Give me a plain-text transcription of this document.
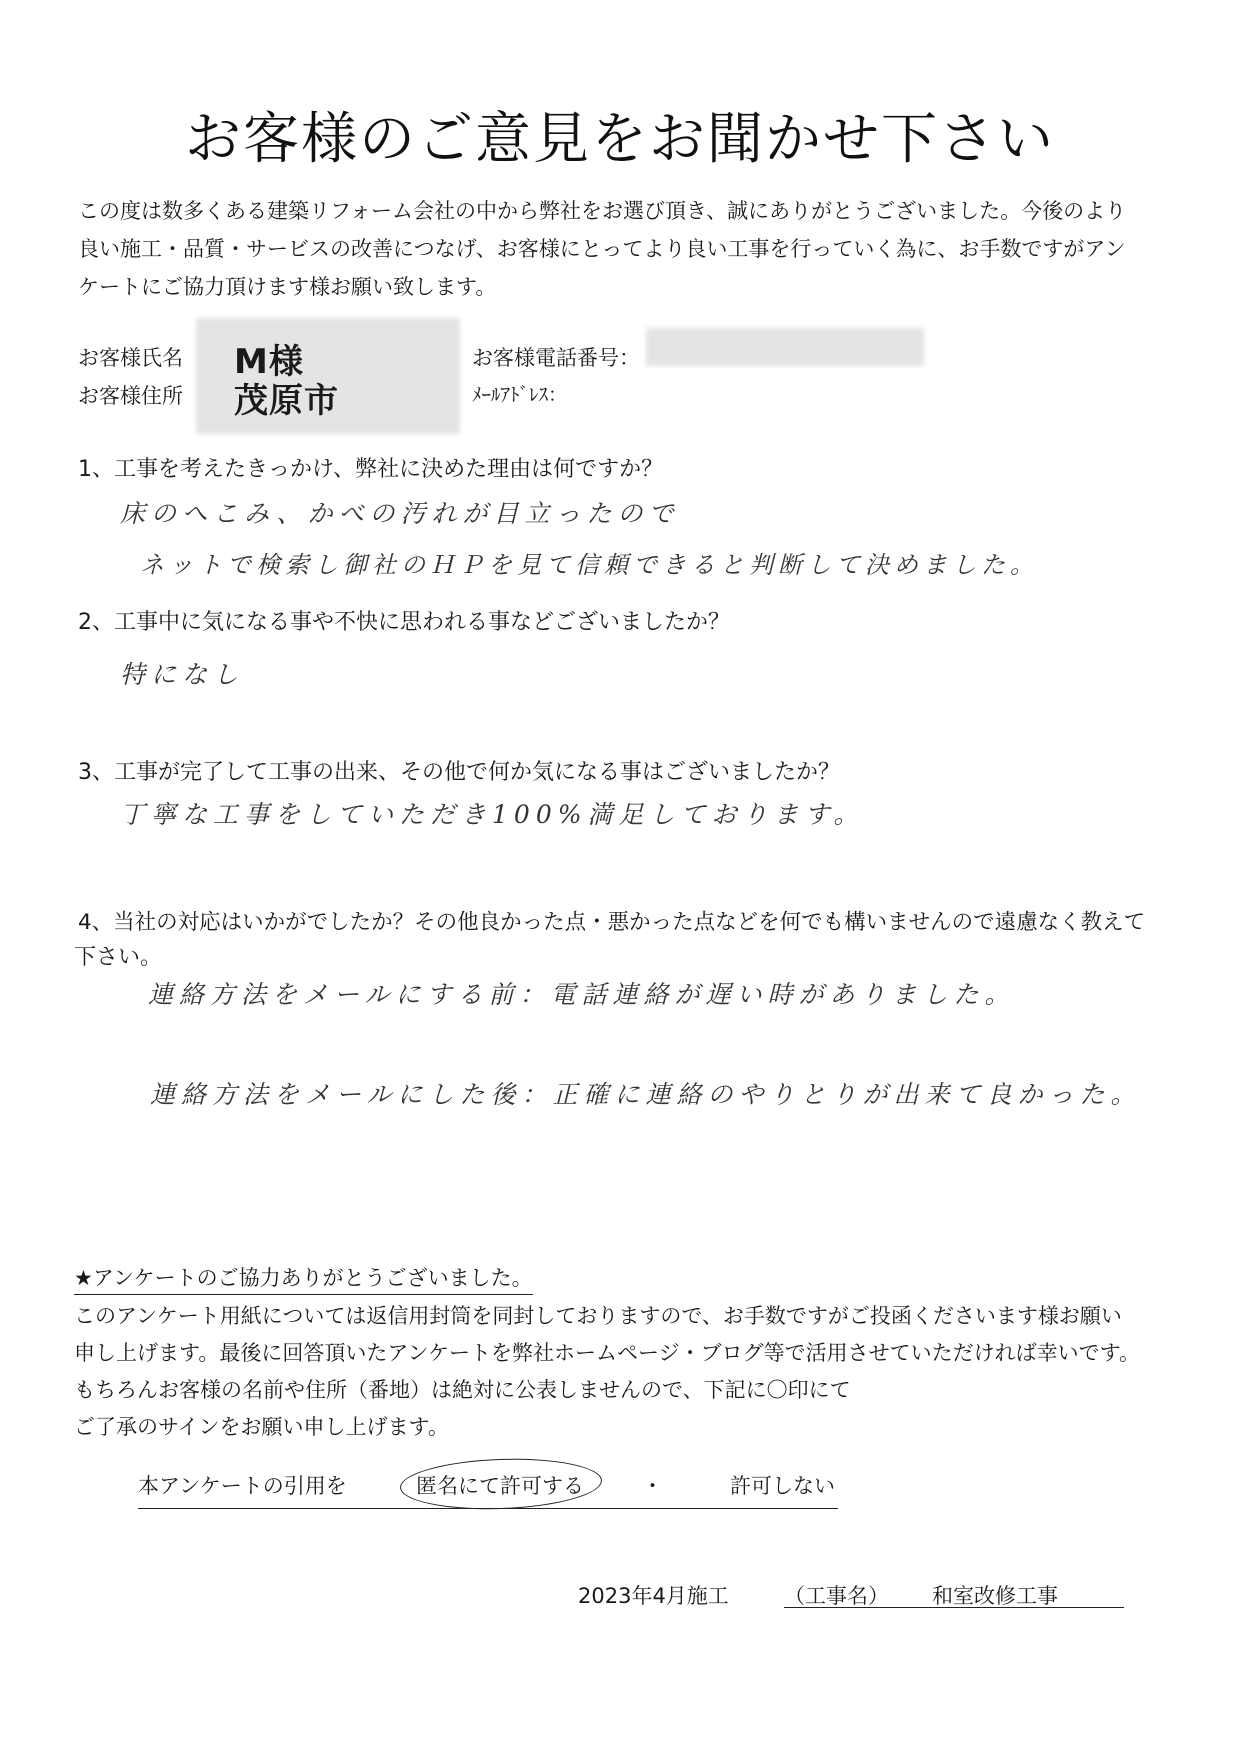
お客様のご意見をお聞かせ下さい
この度は数多くある建築リフォーム会社の中から弊社をお選び頂き、誠にありがとうございました。今後のより
良い施工・品質・サービスの改善につなげ、お客様にとってより良い工事を行っていく為に、お手数ですがアン
ケートにご協力頂けます様お願い致します。
お客様氏名 M様
お客様住所 茂原市
お客様電話番号：
ﾒｰﾙｱﾄﾞﾚｽ：
1、工事を考えたきっかけ、弊社に決めた理由は何ですか？
床のへこみ、かべの汚れが目立ったので
ネットで検索し御社のＨＰを見て信頼できると判断して決めました。
2、工事中に気になる事や不快に思われる事などございましたか？
特になし
3、工事が完了して工事の出来、その他で何か気になる事はございましたか？
丁寧な工事をしていただき100%満足しております。
4、当社の対応はいかがでしたか？その他良かった点・悪かった点などを何でも構いませんので遠慮なく教えて
下さい。
連絡方法をメールにする前：電話連絡が遅い時がありました。
連絡方法をメールにした後：正確に連絡のやりとりが出来て良かった。
★アンケートのご協力ありがとうございました。
このアンケート用紙については返信用封筒を同封しておりますので、お手数ですがご投函くださいます様お願い
申し上げます。最後に回答頂いたアンケートを弊社ホームページ・ブログ等で活用させていただければ幸いです。
もちろんお客様の名前や住所（番地）は絶対に公表しませんので、下記に〇印にて
ご了承のサインをお願い申し上げます。
本アンケートの引用を	匿名にて許可する	・	許可しない
2023年4月施工	（工事名） 和室改修工事
